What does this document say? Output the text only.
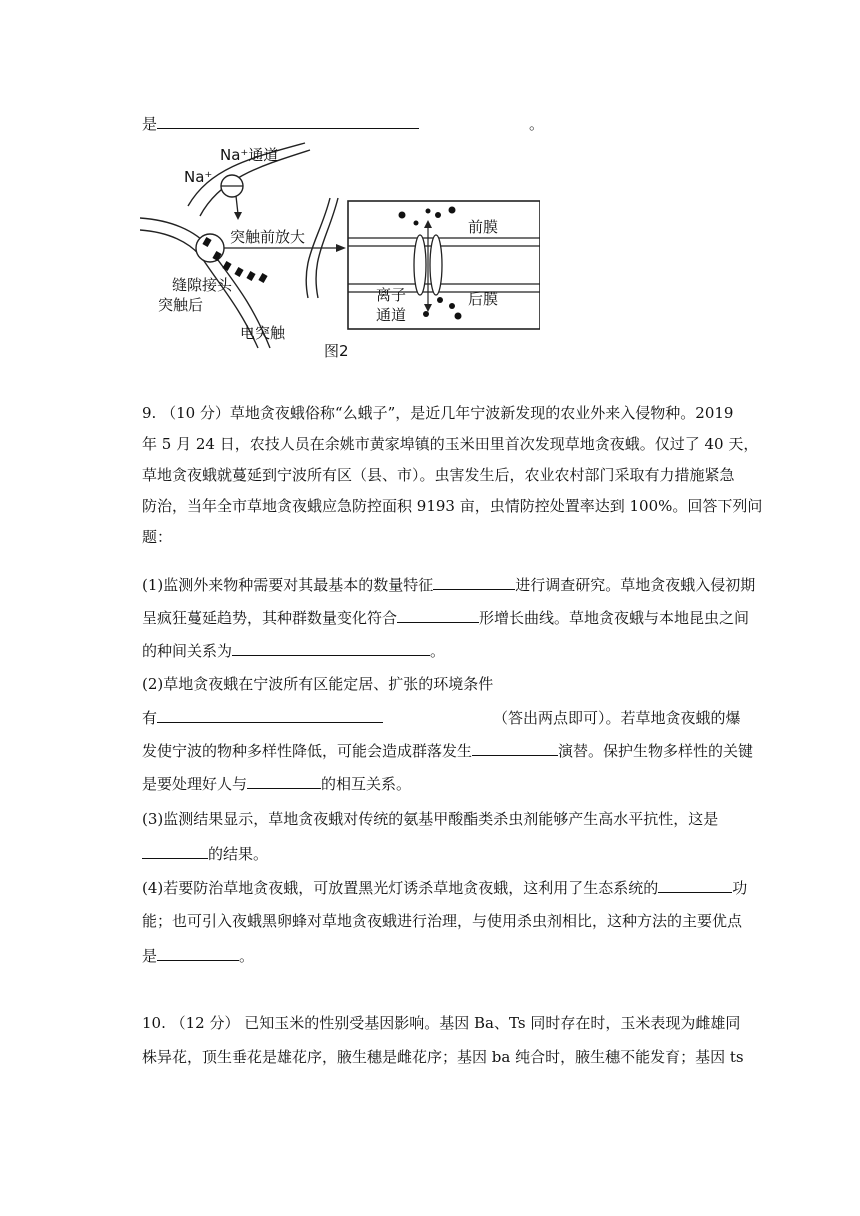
是	。
Na⁺通道
Na⁺
突触前放大
缝隙接头
突触后
电突触
离子
通道
前膜
后膜
图2
9. （10 分）草地贪夜蛾俗称“么蛾子”，是近几年宁波新发现的农业外来入侵物种。2019
年 5 月 24 日，农技人员在余姚市黄家埠镇的玉米田里首次发现草地贪夜蛾。仅过了 40 天，
草地贪夜蛾就蔓延到宁波所有区（县、市）。虫害发生后，农业农村部门采取有力措施紧急
防治，当年全市草地贪夜蛾应急防控面积 9193 亩，虫情防控处置率达到 100%。回答下列问
题：
(1)监测外来物种需要对其最基本的数量特征	进行调查研究。草地贪夜蛾入侵初期
呈疯狂蔓延趋势，其种群数量变化符合	形增长曲线。草地贪夜蛾与本地昆虫之间
的种间关系为	。
(2)草地贪夜蛾在宁波所有区能定居、扩张的环境条件
有	（答出两点即可）。若草地贪夜蛾的爆
发使宁波的物种多样性降低，可能会造成群落发生	演替。保护生物多样性的关键
是要处理好人与	的相互关系。
(3)监测结果显示，草地贪夜蛾对传统的氨基甲酸酯类杀虫剂能够产生高水平抗性，这是
的结果。
(4)若要防治草地贪夜蛾，可放置黑光灯诱杀草地贪夜蛾，这利用了生态系统的	功
能；也可引入夜蛾黑卵蜂对草地贪夜蛾进行治理，与使用杀虫剂相比，这种方法的主要优点
是	。
10. （12 分） 已知玉米的性别受基因影响。基因 Ba、Ts 同时存在时，玉米表现为雌雄同
株异花，顶生垂花是雄花序，腋生穗是雌花序；基因 ba 纯合时，腋生穗不能发育；基因 ts
